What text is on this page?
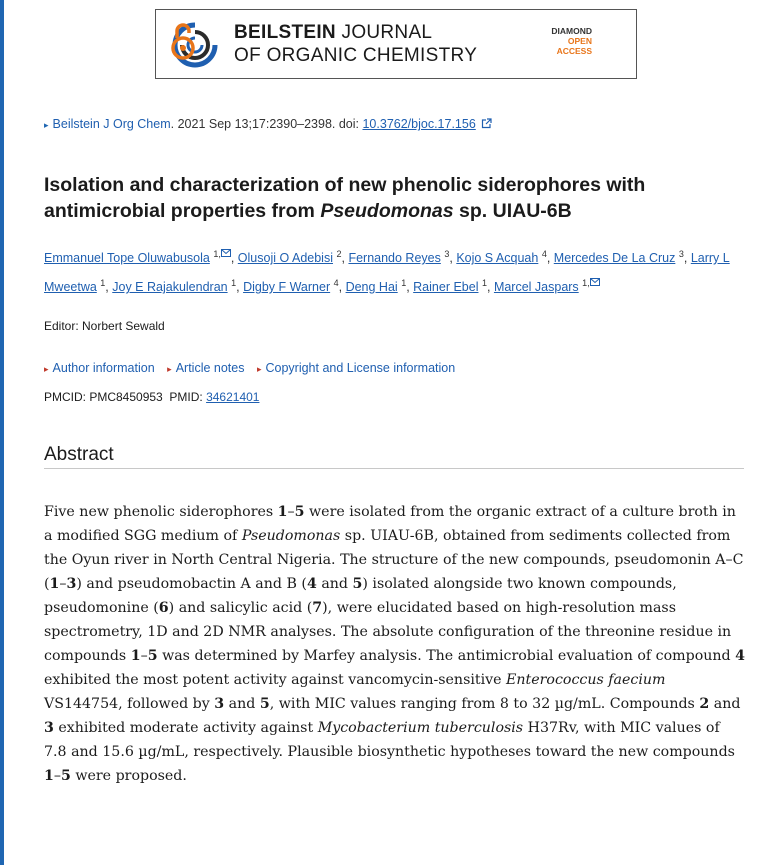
BEILSTEIN JOURNAL
OF ORGANIC CHEMISTRY
DIAMOND
OPEN
ACCESS
▸ Beilstein J Org Chem. 2021 Sep 13;17:2390–2398. doi: 10.3762/bjoc.17.156
Isolation and characterization of new phenolic siderophores with antimicrobial properties from Pseudomonas sp. UIAU-6B
Emmanuel Tope Oluwabusola $^{1,}$ , Olusoji O Adebisi $^2$, Fernando Reyes $^3$, Kojo S Acquah $^4$, Mercedes De La Cruz $^3$, Larry L Mweetwa $^1$, Joy E Rajakulendran $^1$, Digby F Warner $^4$, Deng Hai $^1$, Rainer Ebel $^1$, Marcel Jaspars $^{1,}$
Editor: Norbert Sewald
▸ Author information ▸ Article notes ▸ Copyright and License information
PMCID: PMC8450953 PMID: 34621401
Abstract
Five new phenolic siderophores 1–5 were isolated from the organic extract of a culture broth in a modified SGG medium of Pseudomonas sp. UIAU-6B, obtained from sediments collected from the Oyun river in North Central Nigeria. The structure of the new compounds, pseudomonin A–C (1–3) and pseudomobactin A and B (4 and 5) isolated alongside two known compounds, pseudomonine (6) and salicylic acid (7), were elucidated based on high-resolution mass spectrometry, 1D and 2D NMR analyses. The absolute configuration of the threonine residue in compounds 1–5 was determined by Marfey analysis. The antimicrobial evaluation of compound 4 exhibited the most potent activity against vancomycin-sensitive Enterococcus faecium VS144754, followed by 3 and 5, with MIC values ranging from 8 to 32 µg/mL. Compounds 2 and 3 exhibited moderate activity against Mycobacterium tuberculosis H37Rv, with MIC values of 7.8 and 15.6 µg/mL, respectively. Plausible biosynthetic hypotheses toward the new compounds 1–5 were proposed.
